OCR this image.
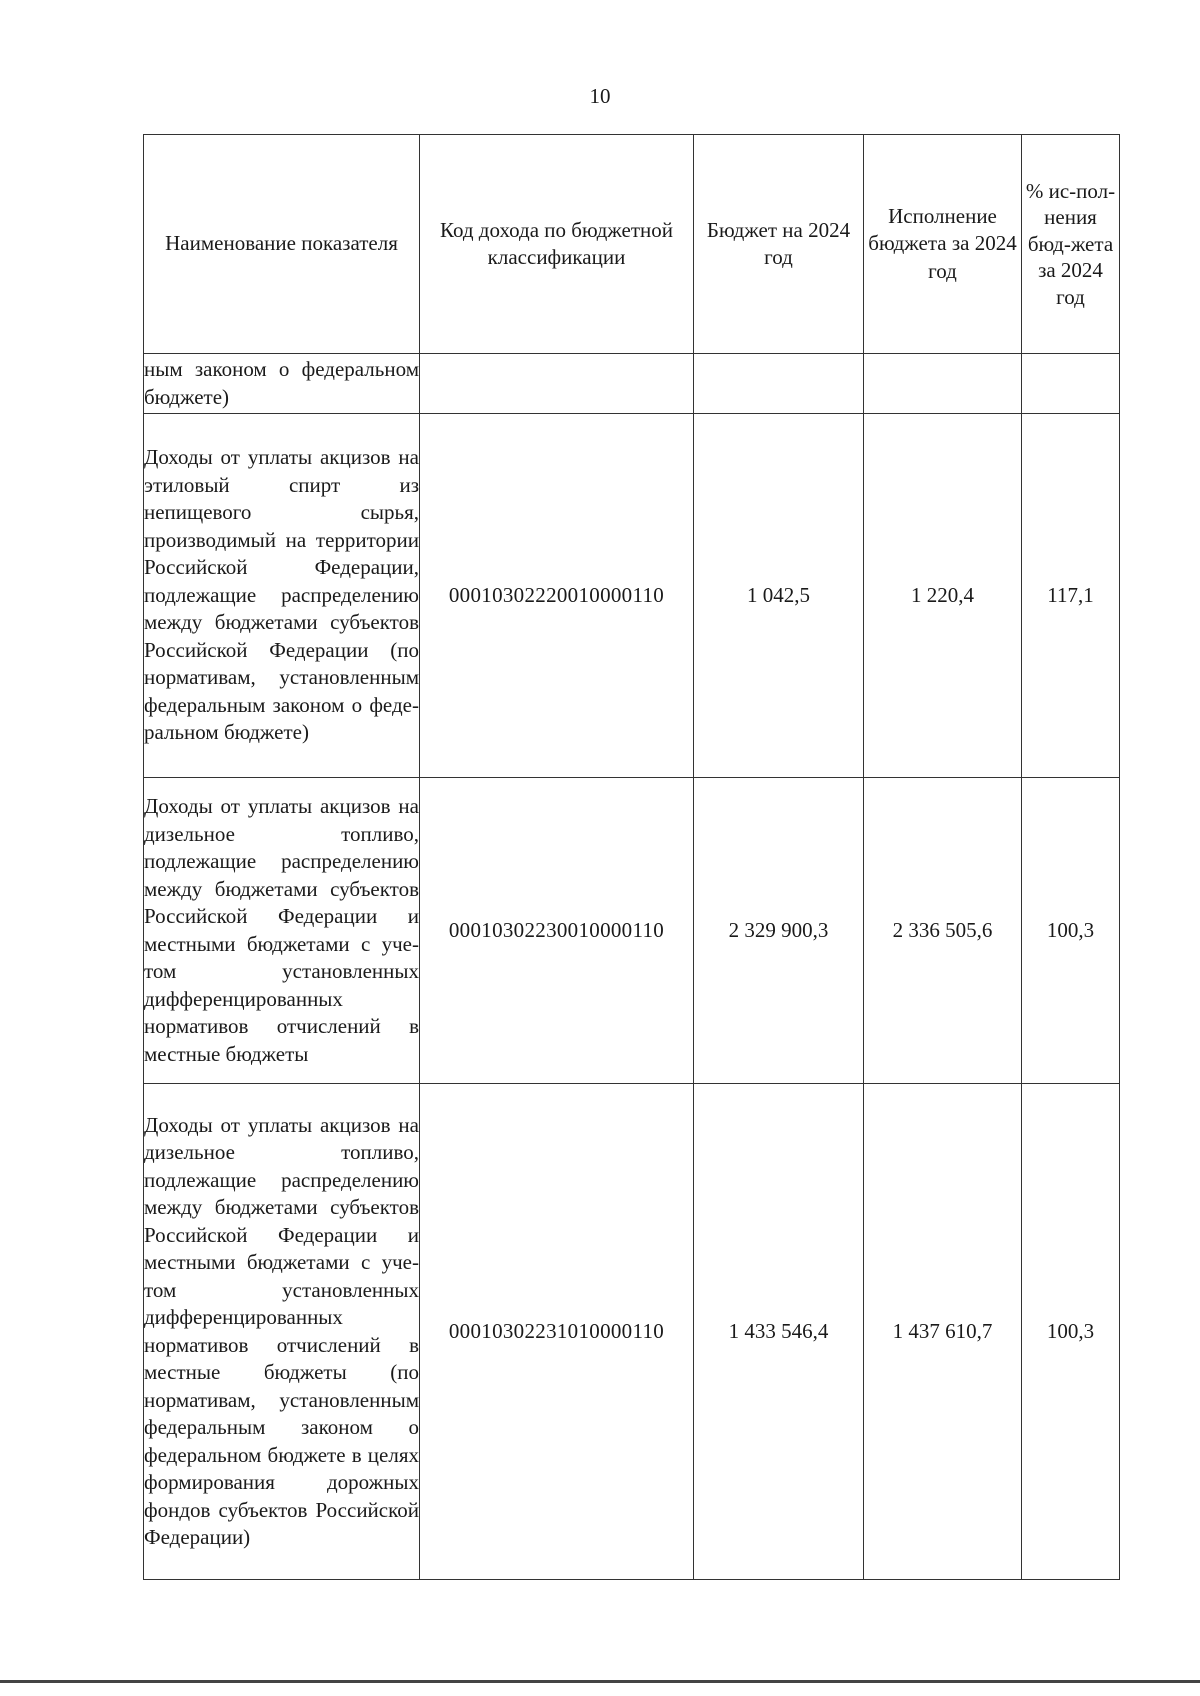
10
Наименование показателя	Код дохода по бюджетной классификации	Бюджет на 2024 год	Исполнение бюджета за 2024 год	% ис-пол-нения бюд-жета за 2024 год
ным законом о федеральном бюджете)				
Доходы от уплаты акцизов на этиловый спирт из непищевого сырья, производимый на территории Российской Федерации, подлежащие распределению между бюджетами субъектов Российской Федерации (по нормативам, установленным федеральным законом о федеральном бюджете)	00010302220010000110	1 042,5	1 220,4	117,1
Доходы от уплаты акцизов на дизельное топливо, подлежащие распределению между бюджетами субъектов Российской Федерации и местными бюджетами с учетом установленных дифференцированных нормативов отчислений в местные бюджеты	00010302230010000110	2 329 900,3	2 336 505,6	100,3
Доходы от уплаты акцизов на дизельное топливо, подлежащие распределению между бюджетами субъектов Российской Федерации и местными бюджетами с учетом установленных дифференцированных нормативов отчислений в местные бюджеты (по нормативам, установленным федеральным законом о федеральном бюджете в целях формирования дорожных фондов субъектов Российской Федерации)	00010302231010000110	1 433 546,4	1 437 610,7	100,3
